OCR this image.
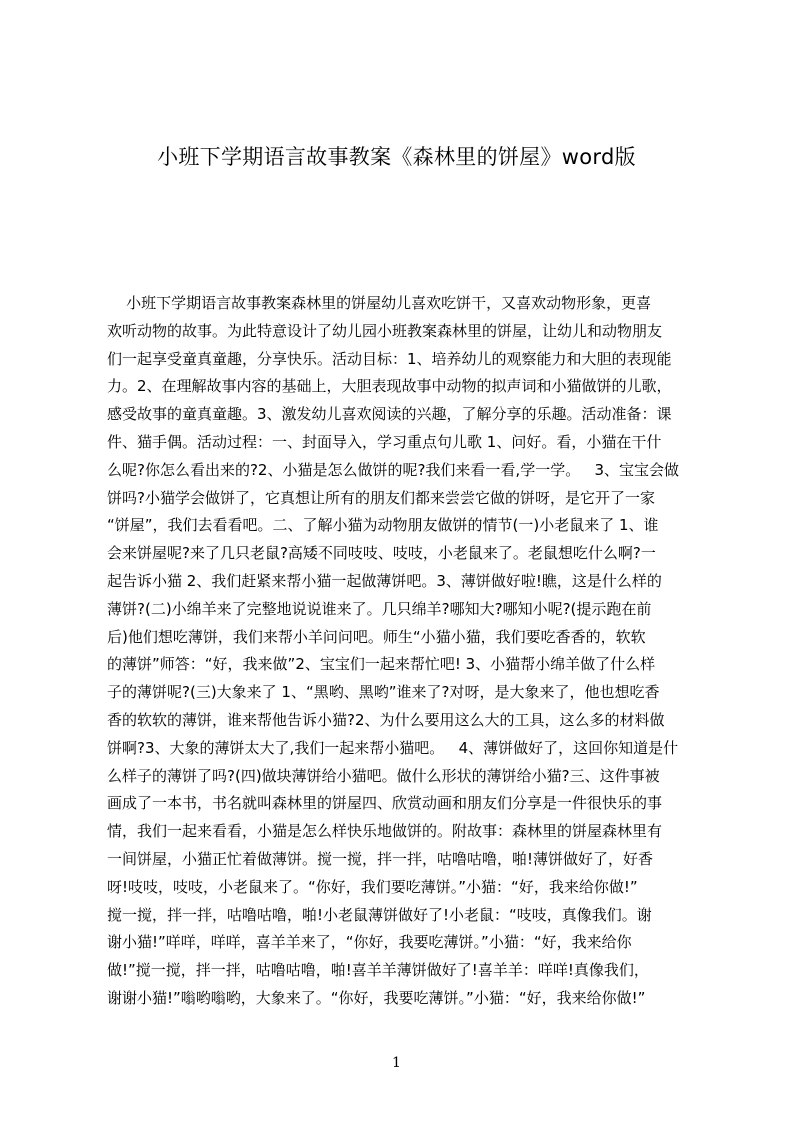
小班下学期语言故事教案《森林里的饼屋》word版
小班下学期语言故事教案森林里的饼屋幼儿喜欢吃饼干，又喜欢动物形象，更喜
欢听动物的故事。为此特意设计了幼儿园小班教案森林里的饼屋，让幼儿和动物朋友
们一起享受童真童趣，分享快乐。活动目标：1、培养幼儿的观察能力和大胆的表现能
力。2、在理解故事内容的基础上，大胆表现故事中动物的拟声词和小猫做饼的儿歌，
感受故事的童真童趣。3、激发幼儿喜欢阅读的兴趣，了解分享的乐趣。活动准备：课
件、猫手偶。活动过程：一、封面导入，学习重点句儿歌 1、问好。看，小猫在干什
么呢?你怎么看出来的?2、小猫是怎么做饼的呢?我们来看一看,学一学。   3、宝宝会做
饼吗?小猫学会做饼了，它真想让所有的朋友们都来尝尝它做的饼呀，是它开了一家
“饼屋”，我们去看看吧。二、了解小猫为动物朋友做饼的情节(一)小老鼠来了 1、谁
会来饼屋呢?来了几只老鼠?高矮不同吱吱、吱吱，小老鼠来了。老鼠想吃什么啊?一
起告诉小猫 2、我们赶紧来帮小猫一起做薄饼吧。3、薄饼做好啦!瞧，这是什么样的
薄饼?(二)小绵羊来了完整地说说谁来了。几只绵羊?哪知大?哪知小呢?(提示跑在前
后)他们想吃薄饼，我们来帮小羊问问吧。师生“小猫小猫，我们要吃香香的，软软
的薄饼”师答：“好，我来做”2、宝宝们一起来帮忙吧! 3、小猫帮小绵羊做了什么样
子的薄饼呢?(三)大象来了 1、“黑哟、黑哟”谁来了?对呀，是大象来了，他也想吃香
香的软软的薄饼，谁来帮他告诉小猫?2、为什么要用这么大的工具，这么多的材料做
饼啊?3、大象的薄饼太大了,我们一起来帮小猫吧。   4、薄饼做好了，这回你知道是什
么样子的薄饼了吗?(四)做块薄饼给小猫吧。做什么形状的薄饼给小猫?三、这件事被
画成了一本书，书名就叫森林里的饼屋四、欣赏动画和朋友们分享是一件很快乐的事
情，我们一起来看看，小猫是怎么样快乐地做饼的。附故事：森林里的饼屋森林里有
一间饼屋，小猫正忙着做薄饼。搅一搅，拌一拌，咕噜咕噜，啪!薄饼做好了，好香
呀!吱吱，吱吱，小老鼠来了。“你好，我们要吃薄饼。”小猫：“好，我来给你做!”
搅一搅，拌一拌，咕噜咕噜，啪!小老鼠薄饼做好了!小老鼠：“吱吱，真像我们。谢
谢小猫!”咩咩，咩咩，喜羊羊来了，“你好，我要吃薄饼。”小猫：“好，我来给你
做!”搅一搅，拌一拌，咕噜咕噜，啪!喜羊羊薄饼做好了!喜羊羊：咩咩!真像我们，
谢谢小猫!”嗡哟嗡哟，大象来了。“你好，我要吃薄饼。”小猫：“好，我来给你做!”
1
